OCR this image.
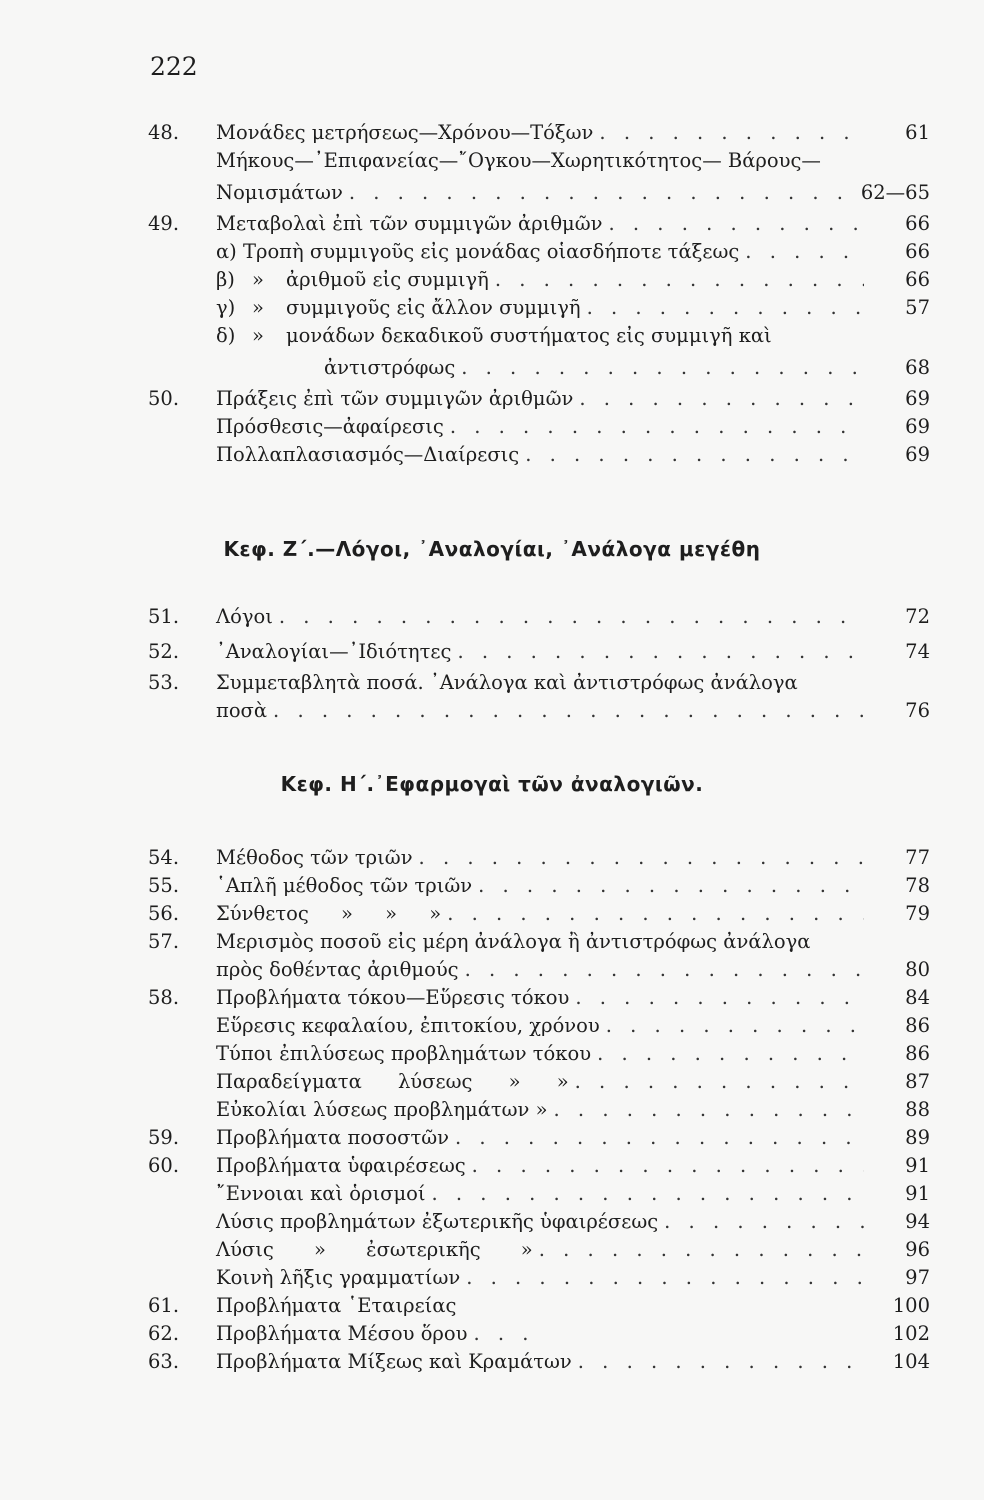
222
48.	Μονάδες μετρήσεως—Χρόνου—Τόξων . . .	61
Μήκους—᾿Επιφανείας—῎Ογκου—Χωρητικότητος— Βάρους—
Νομισμάτων . . .	62—65
49.	Μεταβολαὶ ἐπὶ τῶν συμμιγῶν ἀριθμῶν . . .	66
α) Τροπὴ συμμιγοῦς εἰς μονάδας οἱασδήποτε τάξεως . . .	66
β) » ἀριθμοῦ εἰς συμμιγῆ . . .	66
γ) » συμμιγοῦς εἰς ἄλλον συμμιγῆ . . .	57
δ) » μονάδων δεκαδικοῦ συστήματος εἰς συμμιγῆ καὶ
ἀντιστρόφως . . .	68
50.	Πράξεις ἐπὶ τῶν συμμιγῶν ἀριθμῶν . . .	69
Πρόσθεσις—ἀφαίρεσις . . .	69
Πολλαπλασιασμός—Διαίρεσις . . .	69
Κεφ. Ζ΄.—Λόγοι, ᾿Αναλογίαι, ᾿Ανάλογα μεγέθη
51.	Λόγοι . . .	72
52.	᾿Αναλογίαι—᾿Ιδιότητες . . .	74
53.	Συμμεταβλητὰ ποσά. ᾿Ανάλογα καὶ ἀντιστρόφως ἀνάλογα
ποσὰ . . .	76
Κεφ. Η΄.᾿Εφαρμογαὶ τῶν ἀναλογιῶν.
54.	Μέθοδος τῶν τριῶν . . .	77
55.	῾Απλῆ μέθοδος τῶν τριῶν . . .	78
56.	Σύνθετος » » » . . .	79
57.	Μερισμὸς ποσοῦ εἰς μέρη ἀνάλογα ἢ ἀντιστρόφως ἀνάλογα
πρὸς δοθέντας ἀριθμούς . . .	80
58.	Προβλήματα τόκου—Εὕρεσις τόκου . . .	84
Εὕρεσις κεφαλαίου, ἐπιτοκίου, χρόνου . . .	86
Τύποι ἐπιλύσεως προβλημάτων τόκου . . .	86
Παραδείγματα λύσεως » » . . .	87
Εὐκολίαι λύσεως προβλημάτων » . . .	88
59.	Προβλήματα ποσοστῶν . . .	89
60.	Προβλήματα ὑφαιρέσεως . . .	91
῎Εννοιαι καὶ ὁρισμοί . . .	91
Λύσις προβλημάτων ἐξωτερικῆς ὑφαιρέσεως . . .	94
Λύσις » ἐσωτερικῆς » . . .	96
Κοινὴ λῆξις γραμματίων . . .	97
61.	Προβλήματα ῾Εταιρείας	100
62.	Προβλήματα Μέσου ὅρου . . .	102
63.	Προβλήματα Μίξεως καὶ Κραμάτων . . .	104
